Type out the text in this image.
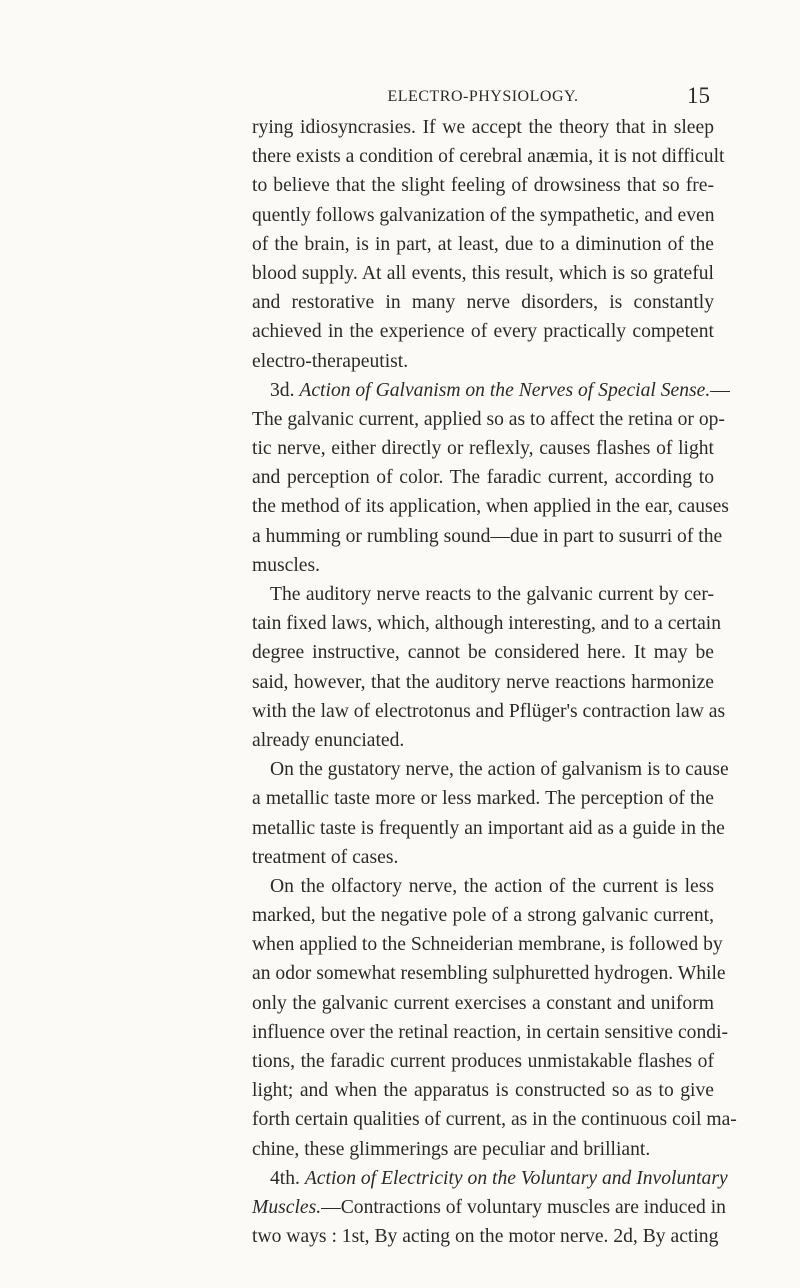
ELECTRO-PHYSIOLOGY.	15
rying idiosyncrasies. If we accept the theory that in sleep
there exists a condition of cerebral anæmia, it is not difficult
to believe that the slight feeling of drowsiness that so fre-
quently follows galvanization of the sympathetic, and even
of the brain, is in part, at least, due to a diminution of the
blood supply. At all events, this result, which is so grateful
and restorative in many nerve disorders, is constantly
achieved in the experience of every practically competent
electro-therapeutist.
3d. Action of Galvanism on the Nerves of Special Sense.—
The galvanic current, applied so as to affect the retina or op-
tic nerve, either directly or reflexly, causes flashes of light
and perception of color. The faradic current, according to
the method of its application, when applied in the ear, causes
a humming or rumbling sound—due in part to susurri of the
muscles.
The auditory nerve reacts to the galvanic current by cer-
tain fixed laws, which, although interesting, and to a certain
degree instructive, cannot be considered here. It may be
said, however, that the auditory nerve reactions harmonize
with the law of electrotonus and Pflüger's contraction law as
already enunciated.
On the gustatory nerve, the action of galvanism is to cause
a metallic taste more or less marked. The perception of the
metallic taste is frequently an important aid as a guide in the
treatment of cases.
On the olfactory nerve, the action of the current is less
marked, but the negative pole of a strong galvanic current,
when applied to the Schneiderian membrane, is followed by
an odor somewhat resembling sulphuretted hydrogen. While
only the galvanic current exercises a constant and uniform
influence over the retinal reaction, in certain sensitive condi-
tions, the faradic current produces unmistakable flashes of
light; and when the apparatus is constructed so as to give
forth certain qualities of current, as in the continuous coil ma-
chine, these glimmerings are peculiar and brilliant.
4th. Action of Electricity on the Voluntary and Involuntary
Muscles.—Contractions of voluntary muscles are induced in
two ways : 1st, By acting on the motor nerve. 2d, By acting
